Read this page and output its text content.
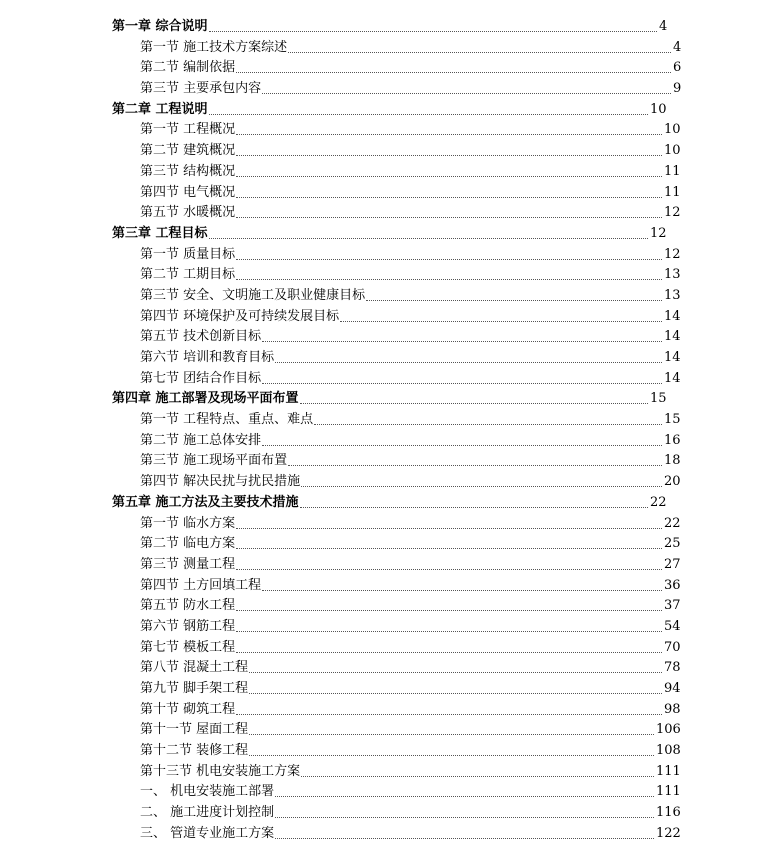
第一章 综合说明	4
第一节 施工技术方案综述	4
第二节 编制依据	6
第三节 主要承包内容	9
第二章 工程说明	10
第一节 工程概况	10
第二节 建筑概况	10
第三节 结构概况	11
第四节 电气概况	11
第五节 水暖概况	12
第三章 工程目标	12
第一节 质量目标	12
第二节 工期目标	13
第三节 安全、文明施工及职业健康目标	13
第四节 环境保护及可持续发展目标	14
第五节 技术创新目标	14
第六节 培训和教育目标	14
第七节 团结合作目标	14
第四章 施工部署及现场平面布置	15
第一节 工程特点、重点、难点	15
第二节 施工总体安排	16
第三节 施工现场平面布置	18
第四节 解决民扰与扰民措施	20
第五章 施工方法及主要技术措施	22
第一节 临水方案	22
第二节 临电方案	25
第三节 测量工程	27
第四节 土方回填工程	36
第五节 防水工程	37
第六节 钢筋工程	54
第七节 模板工程	70
第八节 混凝土工程	78
第九节 脚手架工程	94
第十节 砌筑工程	98
第十一节 屋面工程	106
第十二节 装修工程	108
第十三节 机电安装施工方案	111
一、 机电安装施工部署	111
二、 施工进度计划控制	116
三、 管道专业施工方案	122
